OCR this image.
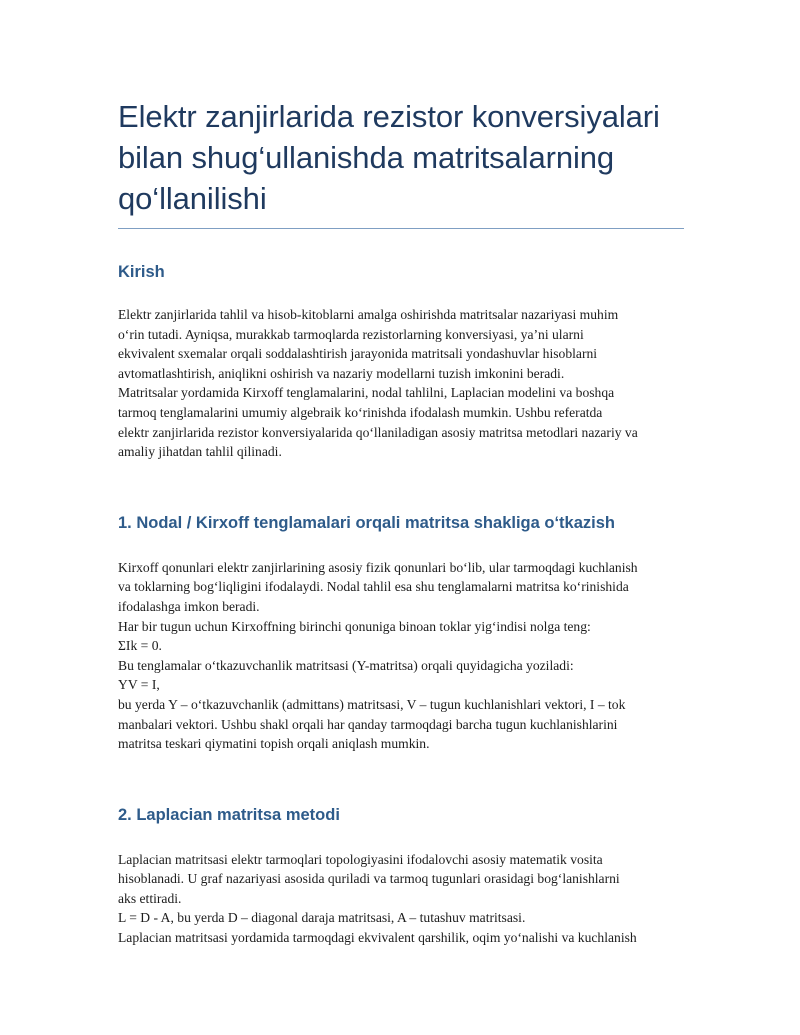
Elektr zanjirlarida rezistor konversiyalari
bilan shug‘ullanishda matritsalarning
qo‘llanilishi
Kirish

Elektr zanjirlarida tahlil va hisob-kitoblarni amalga oshirishda matritsalar nazariyasi muhim
o‘rin tutadi. Ayniqsa, murakkab tarmoqlarda rezistorlarning konversiyasi, ya’ni ularni
ekvivalent sxemalar orqali soddalashtirish jarayonida matritsali yondashuvlar hisoblarni
avtomatlashtirish, aniqlikni oshirish va nazariy modellarni tuzish imkonini beradi.
Matritsalar yordamida Kirxoff tenglamalarini, nodal tahlilni, Laplacian modelini va boshqa
tarmoq tenglamalarini umumiy algebraik ko‘rinishda ifodalash mumkin. Ushbu referatda
elektr zanjirlarida rezistor konversiyalarida qo‘llaniladigan asosiy matritsa metodlari nazariy va
amaliy jihatdan tahlil qilinadi.

1. Nodal / Kirxoff tenglamalari orqali matritsa shakliga o‘tkazish

Kirxoff qonunlari elektr zanjirlarining asosiy fizik qonunlari bo‘lib, ular tarmoqdagi kuchlanish
va toklarning bog‘liqligini ifodalaydi. Nodal tahlil esa shu tenglamalarni matritsa ko‘rinishida
ifodalashga imkon beradi.
Har bir tugun uchun Kirxoffning birinchi qonuniga binoan toklar yig‘indisi nolga teng:
ΣIk = 0.
Bu tenglamalar o‘tkazuvchanlik matritsasi (Y-matritsa) orqali quyidagicha yoziladi:
YV = I,
bu yerda Y – o‘tkazuvchanlik (admittans) matritsasi, V – tugun kuchlanishlari vektori, I – tok
manbalari vektori. Ushbu shakl orqali har qanday tarmoqdagi barcha tugun kuchlanishlarini
matritsa teskari qiymatini topish orqali aniqlash mumkin.

2. Laplacian matritsa metodi

Laplacian matritsasi elektr tarmoqlari topologiyasini ifodalovchi asosiy matematik vosita
hisoblanadi. U graf nazariyasi asosida quriladi va tarmoq tugunlari orasidagi bog‘lanishlarni
aks ettiradi.
L = D - A, bu yerda D – diagonal daraja matritsasi, A – tutashuv matritsasi.
Laplacian matritsasi yordamida tarmoqdagi ekvivalent qarshilik, oqim yo‘nalishi va kuchlanish
